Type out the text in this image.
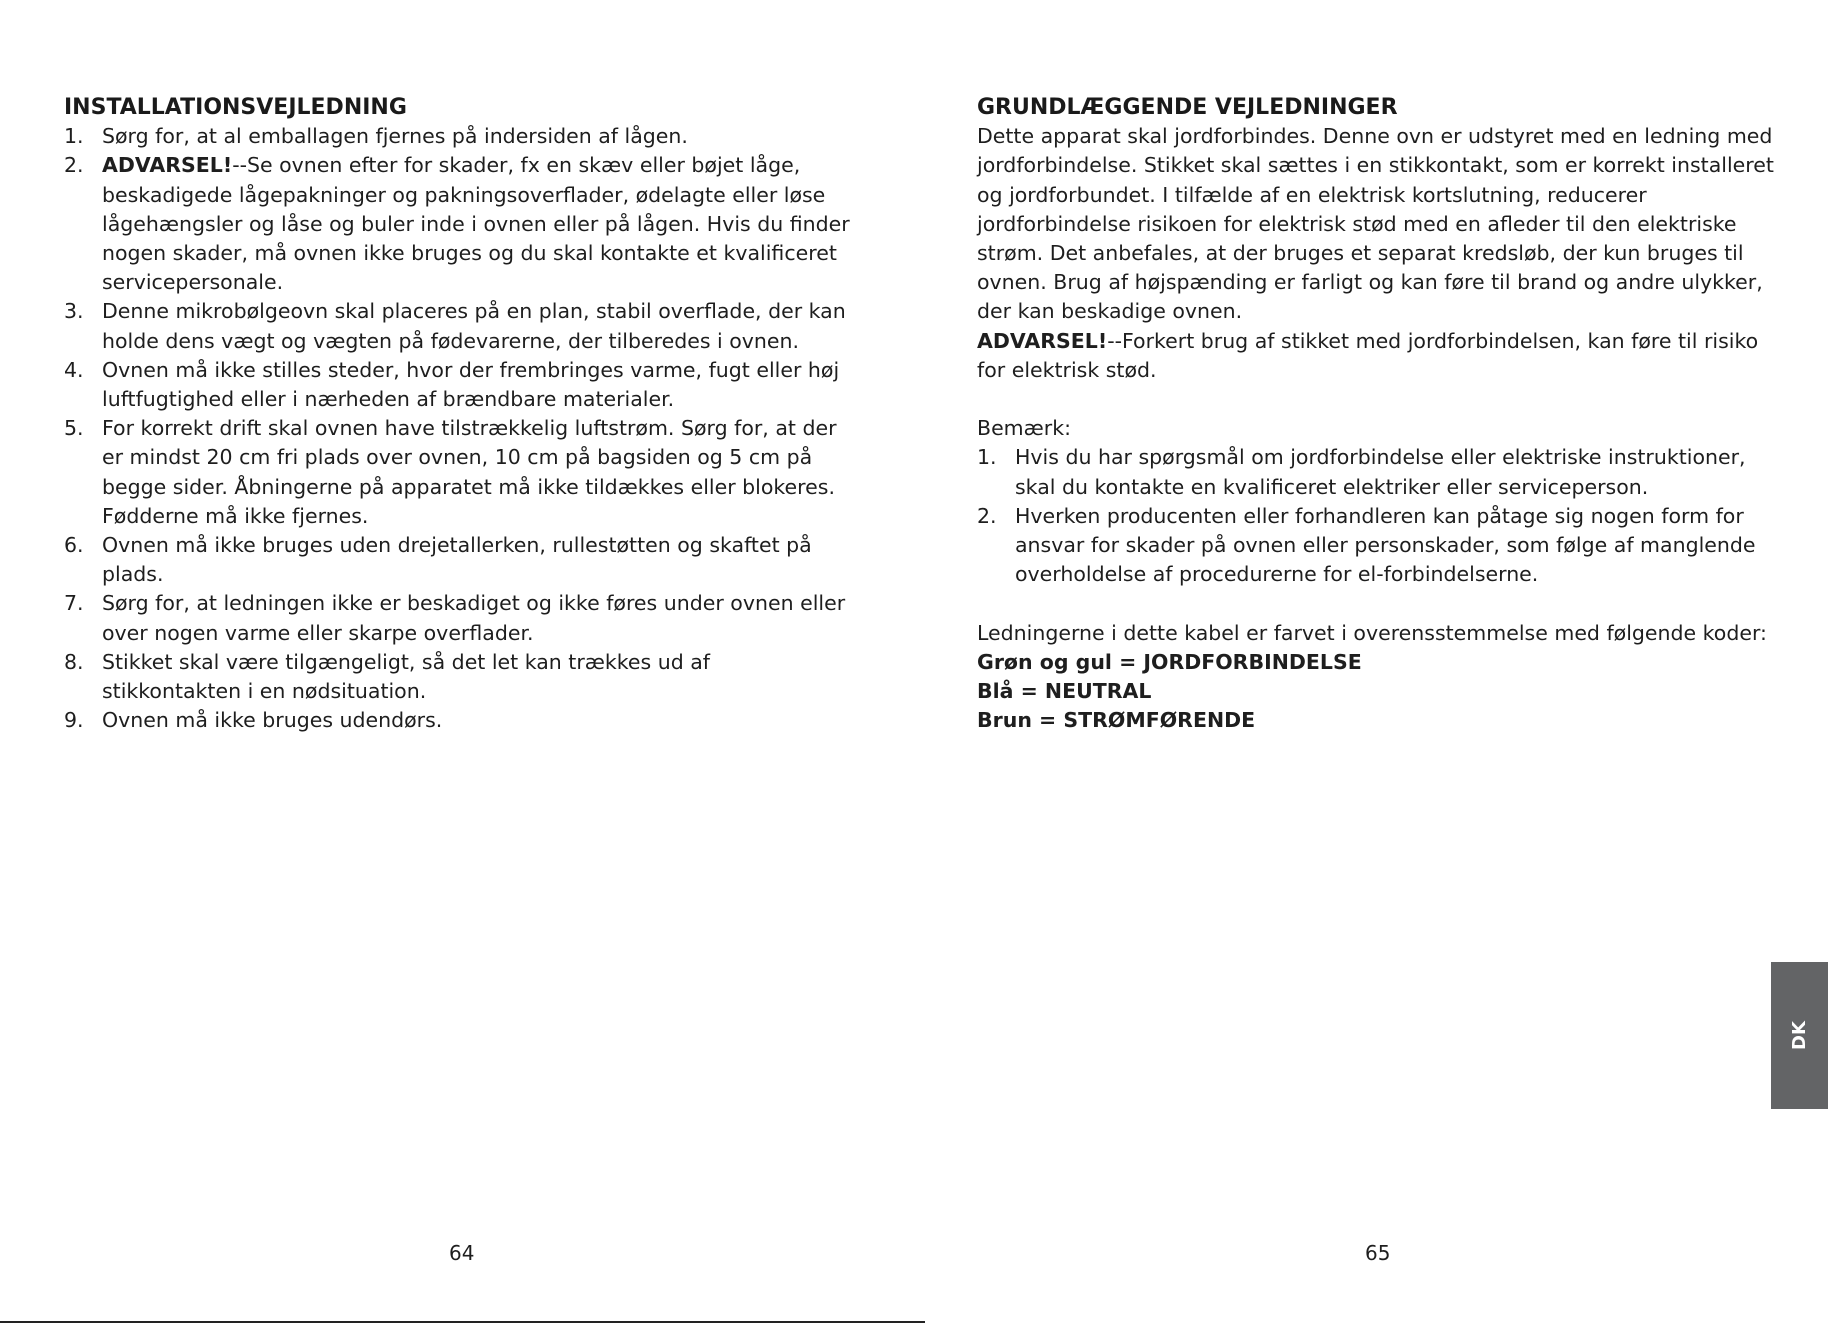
INSTALLATIONSVEJLEDNING
1. Sørg for, at al emballagen fjernes på indersiden af lågen.
2. ADVARSEL!--Se ovnen efter for skader, fx en skæv eller bøjet låge, beskadigede lågepakninger og pakningsoverflader, ødelagte eller løse lågehængsler og låse og buler inde i ovnen eller på lågen. Hvis du finder nogen skader, må ovnen ikke bruges og du skal kontakte et kvalificeret servicepersonale.
3. Denne mikrobølgeovn skal placeres på en plan, stabil overflade, der kan holde dens vægt og vægten på fødevarerne, der tilberedes i ovnen.
4. Ovnen må ikke stilles steder, hvor der frembringes varme, fugt eller høj luftfugtighed eller i nærheden af brændbare materialer.
5. For korrekt drift skal ovnen have tilstrækkelig luftstrøm. Sørg for, at der er mindst 20 cm fri plads over ovnen, 10 cm på bagsiden og 5 cm på begge sider. Åbningerne på apparatet må ikke tildækkes eller blokeres. Fødderne må ikke fjernes.
6. Ovnen må ikke bruges uden drejetallerken, rullestøtten og skaftet på plads.
7. Sørg for, at ledningen ikke er beskadiget og ikke føres under ovnen eller over nogen varme eller skarpe overflader.
8. Stikket skal være tilgængeligt, så det let kan trækkes ud af stikkontakten i en nødsituation.
9. Ovnen må ikke bruges udendørs.
GRUNDLÆGGENDE VEJLEDNINGER

Dette apparat skal jordforbindes. Denne ovn er udstyret med en ledning med jordforbindelse. Stikket skal sættes i en stikkontakt, som er korrekt installeret og jordforbundet. I tilfælde af en elektrisk kortslutning, reducerer jordforbindelse risikoen for elektrisk stød med en afleder til den elektriske strøm. Det anbefales, at der bruges et separat kredsløb, der kun bruges til ovnen. Brug af højspænding er farligt og kan føre til brand og andre ulykker, der kan beskadige ovnen.

ADVARSEL!--Forkert brug af stikket med jordforbindelsen, kan føre til risiko for elektrisk stød.

Bemærk:

1. Hvis du har spørgsmål om jordforbindelse eller elektriske instruktioner, skal du kontakte en kvalificeret elektriker eller serviceperson.
2. Hverken producenten eller forhandleren kan påtage sig nogen form for ansvar for skader på ovnen eller personskader, som følge af manglende overholdelse af procedurerne for el-forbindelserne.

Ledningerne i dette kabel er farvet i overensstemmelse med følgende koder:

Grøn og gul = JORDFORBINDELSE

Blå = NEUTRAL

Brun = STRØMFØRENDE

64	65
DK
